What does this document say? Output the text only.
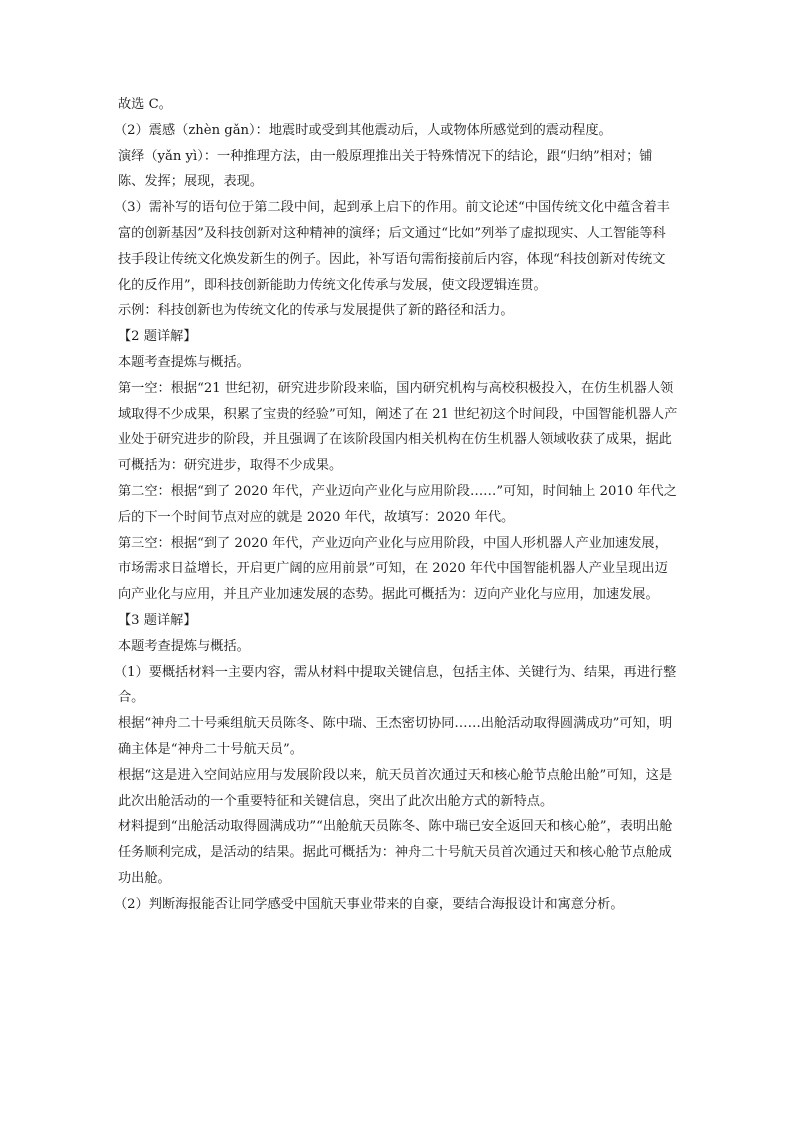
故选 C。

（2）震感（zhèn gǎn）：地震时或受到其他震动后，人或物体所感觉到的震动程度。

演绎（yǎn yì）：一种推理方法，由一般原理推出关于特殊情况下的结论，跟“归纳”相对；铺陈、发挥；展现，表现。

（3）需补写的语句位于第二段中间，起到承上启下的作用。前文论述“中国传统文化中蕴含着丰富的创新基因”及科技创新对这种精神的演绎；后文通过“比如”列举了虚拟现实、人工智能等科技手段让传统文化焕发新生的例子。因此，补写语句需衔接前后内容，体现“科技创新对传统文化的反作用”，即科技创新能助力传统文化传承与发展，使文段逻辑连贯。

示例：科技创新也为传统文化的传承与发展提供了新的路径和活力。

【2 题详解】

本题考查提炼与概括。

第一空：根据“21 世纪初，研究进步阶段来临，国内研究机构与高校积极投入，在仿生机器人领域取得不少成果，积累了宝贵的经验”可知，阐述了在 21 世纪初这个时间段，中国智能机器人产业处于研究进步的阶段，并且强调了在该阶段国内相关机构在仿生机器人领域收获了成果，据此可概括为：研究进步，取得不少成果。

第二空：根据“到了 2020 年代，产业迈向产业化与应用阶段……”可知，时间轴上 2010 年代之后的下一个时间节点对应的就是 2020 年代，故填写：2020 年代。

第三空：根据“到了 2020 年代，产业迈向产业化与应用阶段，中国人形机器人产业加速发展，市场需求日益增长，开启更广阔的应用前景”可知，在 2020 年代中国智能机器人产业呈现出迈向产业化与应用，并且产业加速发展的态势。据此可概括为：迈向产业化与应用，加速发展。

【3 题详解】

本题考查提炼与概括。

（1）要概括材料一主要内容，需从材料中提取关键信息，包括主体、关键行为、结果，再进行整合。

根据“神舟二十号乘组航天员陈冬、陈中瑞、王杰密切协同……出舱活动取得圆满成功”可知，明确主体是“神舟二十号航天员”。

根据“这是进入空间站应用与发展阶段以来，航天员首次通过天和核心舱节点舱出舱”可知，这是此次出舱活动的一个重要特征和关键信息，突出了此次出舱方式的新特点。

材料提到“出舱活动取得圆满成功”“出舱航天员陈冬、陈中瑞已安全返回天和核心舱”，表明出舱任务顺利完成，是活动的结果。据此可概括为：神舟二十号航天员首次通过天和核心舱节点舱成功出舱。

（2）判断海报能否让同学感受中国航天事业带来的自豪，要结合海报设计和寓意分析。
